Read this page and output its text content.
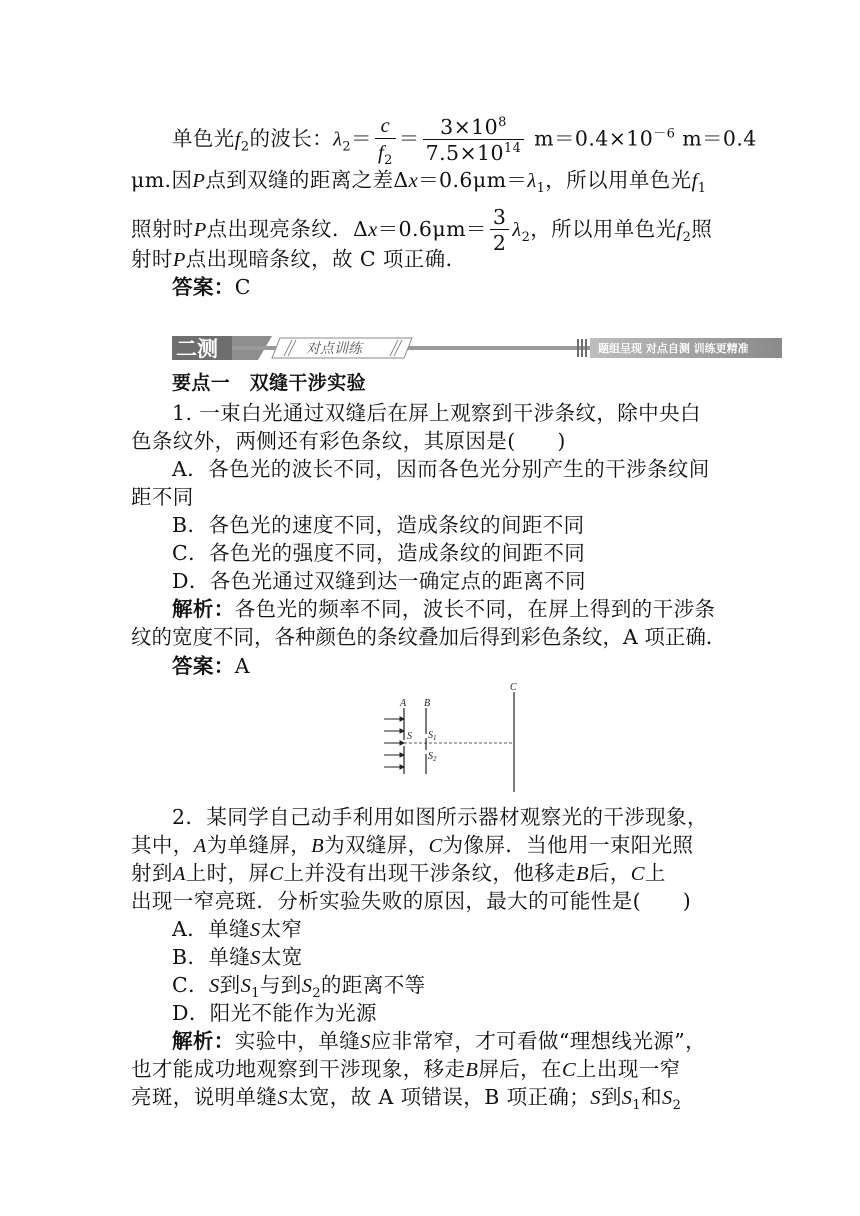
单色光$f_2$的波长：$\lambda_2= \frac{c}{f_2} = \frac{3\times 10^8}{7.5\times 10^{14}} m=0.4\times 10^{-6}$ m＝0.4
μm.因P点到双缝的距离之差$\Delta x=0.6\mu m=\lambda_1$，所以用单色光$f_1$
照射时P点出现亮条纹．$\Delta x=0.6\mu m= \frac{3}{2} \lambda_2$，所以用单色光$f_2$照
射时P点出现暗条纹，故 C 项正确．
答案：C
二测	对点训练	题组呈现 对点自测 训练更精准
要点一　双缝干涉实验
1. 一束白光通过双缝后在屏上观察到干涉条纹，除中央白
色条纹外，两侧还有彩色条纹，其原因是(　　)
A．各色光的波长不同，因而各色光分别产生的干涉条纹间
距不同
B．各色光的速度不同，造成条纹的间距不同
C．各色光的强度不同，造成条纹的间距不同
D．各色光通过双缝到达一确定点的距离不同
解析：各色光的频率不同，波长不同，在屏上得到的干涉条
纹的宽度不同，各种颜色的条纹叠加后得到彩色条纹，A 项正确．
答案：A
A B
C
S $S_1$
$S_2$
2．某同学自己动手利用如图所示器材观察光的干涉现象，
其中，A为单缝屏，B为双缝屏，C为像屏．当他用一束阳光照
射到A上时，屏C上并没有出现干涉条纹，他移走B后，C上
出现一窄亮斑．分析实验失败的原因，最大的可能性是(　　)
A．单缝S太窄
B．单缝S太宽
C．S到$S_1$与到$S_2$的距离不等
D．阳光不能作为光源
解析：实验中，单缝S应非常窄，才可看做“理想线光源”，
也才能成功地观察到干涉现象，移走B屏后，在C上出现一窄
亮斑，说明单缝S太宽，故 A 项错误，B 项正确；S到$S_1$和$S_2$
